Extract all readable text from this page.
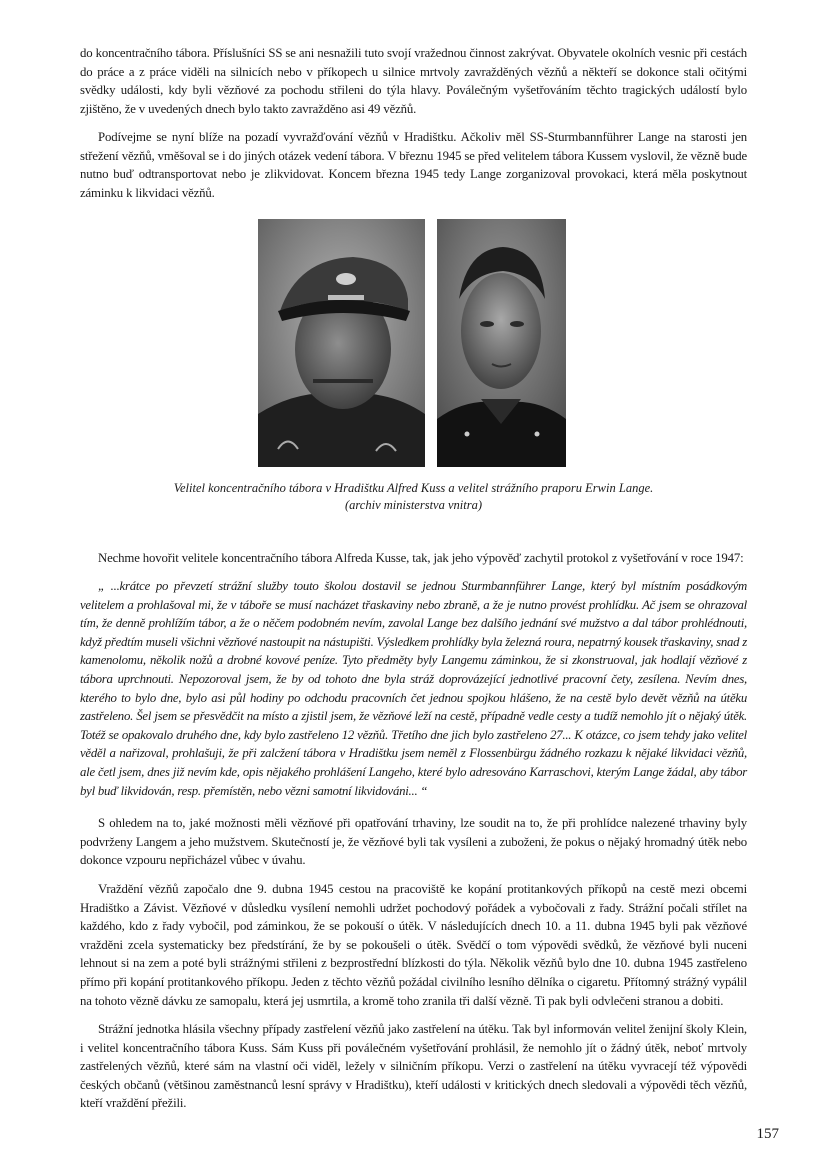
do koncentračního tábora. Příslušníci SS se ani nesnažili tuto svojí vražednou činnost zakrývat. Obyvatele okolních vesnic při cestách do práce a z práce viděli na silnicích nebo v příkopech u silnice mrtvoly zavražděných vězňů a někteří se dokonce stali očitými svědky události, kdy byli vězňové za pochodu střileni do týla hlavy. Poválečným vyšetřováním těchto tragických událostí bylo zjištěno, že v uvedených dnech bylo takto zavražděno asi 49 vězňů.

Podívejme se nyní blíže na pozadí vyvražďování vězňů v Hradištku. Ačkoliv měl SS-Sturmbannführer Lange na starosti jen střežení vězňů, vměšoval se i do jiných otázek vedení tábora. V březnu 1945 se před velitelem tábora Kussem vyslovil, že vězně bude nutno buď odtransportovat nebo je zlikvidovat. Koncem března 1945 tedy Lange zorganizoval provokaci, která měla poskytnout záminku k likvidaci vězňů.

Velitel koncentračního tábora v Hradištku Alfred Kuss a velitel strážního praporu Erwin Lange.
(archiv ministerstva vnitra)

Nechme hovořit velitele koncentračního tábora Alfreda Kusse, tak, jak jeho výpověď zachytil protokol z vyšetřování v roce 1947:

„ ...krátce po převzetí strážní služby touto školou dostavil se jednou Sturmbannführer Lange, který byl místním posádkovým velitelem a prohlašoval mi, že v táboře se musí nacházet třaskaviny nebo zbraně, a že je nutno provést prohlídku. Ač jsem se ohrazoval tím, že denně prohlížím tábor, a že o něčem podobném nevím, zavolal Lange bez dalšího jednání své mužstvo a dal tábor prohlédnouti, když předtím museli všichni vězňové nastoupit na nástupišti. Výsledkem prohlídky byla železná roura, nepatrný kousek třaskaviny, snad z kamenolomu, několik nožů a drobné kovové peníze. Tyto předměty byly Langemu záminkou, že si zkonstruoval, jak hodlají vězňové z tábora uprchnouti. Nepozoroval jsem, že by od tohoto dne byla stráž doprovázející jednotlivé pracovní čety, zesílena. Nevím dnes, kterého to bylo dne, bylo asi půl hodiny po odchodu pracovních čet jednou spojkou hlášeno, že na cestě bylo devět vězňů na útěku zastřeleno. Šel jsem se přesvědčit na místo a zjistil jsem, že vězňové leží na cestě, případně vedle cesty a tudíž nemohlo jít o nějaký útěk. Totéž se opakovalo druhého dne, kdy bylo zastřeleno 12 vězňů. Třetího dne jich bylo zastřeleno 27... K otázce, co jsem tehdy jako velitel věděl a nařizoval, prohlašuji, že při zalcžení tábora v Hradištku jsem neměl z Flossenbürgu žádného rozkazu k nějaké likvidaci vězňů, ale četl jsem, dnes již nevím kde, opis nějakého prohlášení Langeho, které bylo adresováno Karraschovi, kterým Lange žádal, aby tábor byl buď likvidován, resp. přemístěn, nebo vězni samotní likvidováni... “

S ohledem na to, jaké možnosti měli vězňové při opatřování trhaviny, lze soudit na to, že při prohlídce nalezené trhaviny byly podvrženy Langem a jeho mužstvem. Skutečností je, že vězňové byli tak vysíleni a zuboženi, že pokus o nějaký hromadný útěk nebo dokonce vzpouru nepřicházel vůbec v úvahu.

Vraždění vězňů započalo dne 9. dubna 1945 cestou na pracoviště ke kopání protitankových příkopů na cestě mezi obcemi Hradištko a Závist. Vězňové v důsledku vysílení nemohli udržet pochodový pořádek a vybočovali z řady. Strážní počali střílet na každého, kdo z řady vybočil, pod záminkou, že se pokouší o útěk. V následujících dnech 10. a 11. dubna 1945 byli pak vězňové vražděni zcela systematicky bez předstírání, že by se pokoušeli o útěk. Svědčí o tom výpovědi svědků, že vězňové byli nuceni lehnout si na zem a poté byli strážnými střileni z bezprostřední blízkosti do týla. Několik vězňů bylo dne 10. dubna 1945 zastřeleno přímo při kopání protitankového příkopu. Jeden z těchto vězňů požádal civilního lesního dělníka o cigaretu. Přítomný strážný vypálil na tohoto vězně dávku ze samopalu, která jej usmrtila, a kromě toho zranila tři další vězně. Ti pak byli odvlečeni stranou a dobiti.

Strážní jednotka hlásila všechny případy zastřelení vězňů jako zastřelení na útěku. Tak byl informován velitel ženijní školy Klein, i velitel koncentračního tábora Kuss. Sám Kuss při poválečném vyšetřování prohlásil, že nemohlo jít o žádný útěk, neboť mrtvoly zastřelených vězňů, které sám na vlastní oči viděl, ležely v silničním příkopu. Verzi o zastřelení na útěku vyvracejí též výpovědi českých občanů (většinou zaměstnanců lesní správy v Hradištku), kteří události v kritických dnech sledovali a výpovědi těch vězňů, kteří vraždění přežili.

157
